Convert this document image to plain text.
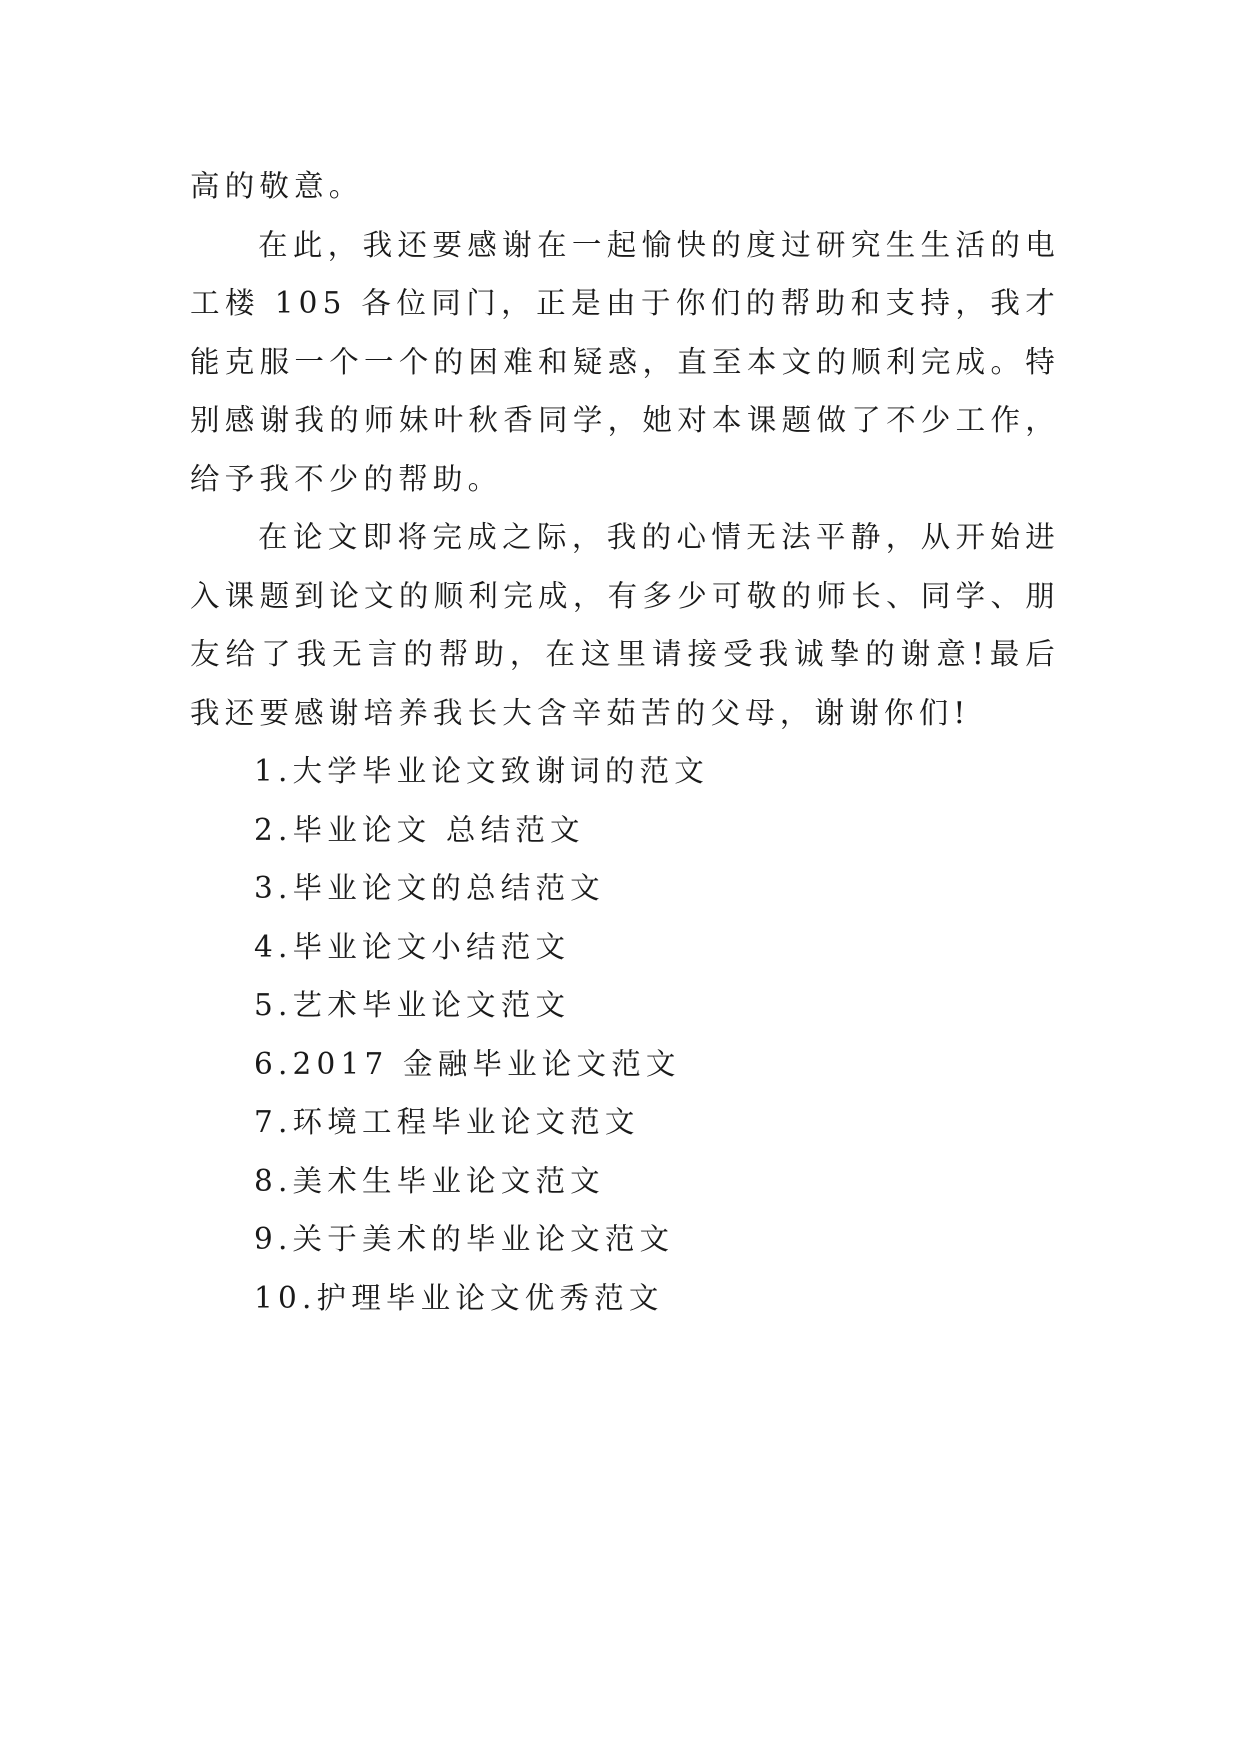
高的敬意。

在此，我还要感谢在一起愉快的度过研究生生活的电工楼 105 各位同门，正是由于你们的帮助和支持，我才能克服一个一个的困难和疑惑，直至本文的顺利完成。特别感谢我的师妹叶秋香同学，她对本课题做了不少工作，给予我不少的帮助。

在论文即将完成之际，我的心情无法平静，从开始进入课题到论文的顺利完成，有多少可敬的师长、同学、朋友给了我无言的帮助，在这里请接受我诚挚的谢意!最后我还要感谢培养我长大含辛茹苦的父母，谢谢你们!

1.大学毕业论文致谢词的范文
2.毕业论文 总结范文
3.毕业论文的总结范文
4.毕业论文小结范文
5.艺术毕业论文范文
6.2017 金融毕业论文范文
7.环境工程毕业论文范文
8.美术生毕业论文范文
9.关于美术的毕业论文范文
10.护理毕业论文优秀范文
